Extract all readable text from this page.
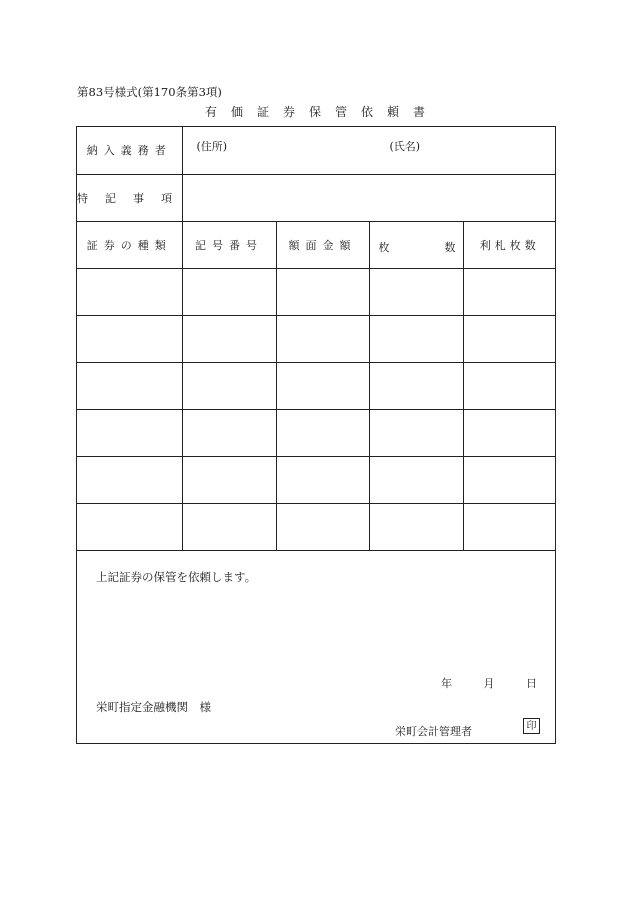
第83号様式(第170条第3項)
有価証券保管依頼書
納入義務者	(住所) (氏名)			

特記事項				
証券の種類	記号番号	額面金額	枚 数	利札枚数

上記証券の保管を依頼します。
年	月	日
栄町指定金融機関　様
栄町会計管理者	印
